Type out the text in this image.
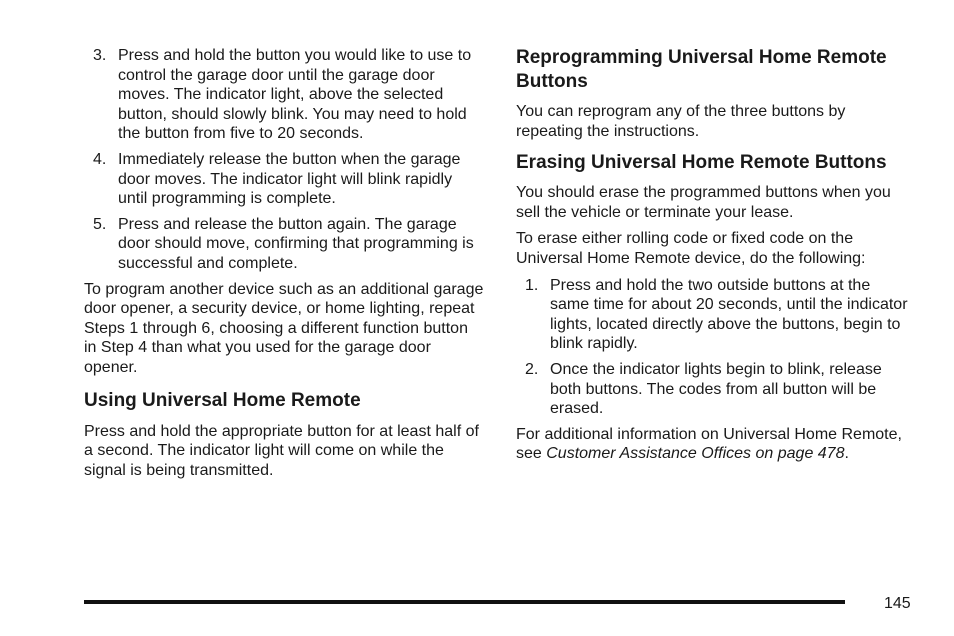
3. Press and hold the button you would like to use to control the garage door until the garage door moves. The indicator light, above the selected button, should slowly blink. You may need to hold the button from five to 20 seconds.
4. Immediately release the button when the garage door moves. The indicator light will blink rapidly until programming is complete.
5. Press and release the button again. The garage door should move, confirming that programming is successful and complete.

To program another device such as an additional garage door opener, a security device, or home lighting, repeat Steps 1 through 6, choosing a different function button in Step 4 than what you used for the garage door opener.

Using Universal Home Remote

Press and hold the appropriate button for at least half of a second. The indicator light will come on while the signal is being transmitted.

Reprogramming Universal Home Remote Buttons

You can reprogram any of the three buttons by repeating the instructions.

Erasing Universal Home Remote Buttons

You should erase the programmed buttons when you sell the vehicle or terminate your lease.

To erase either rolling code or fixed code on the Universal Home Remote device, do the following:

1. Press and hold the two outside buttons at the same time for about 20 seconds, until the indicator lights, located directly above the buttons, begin to blink rapidly.
2. Once the indicator lights begin to blink, release both buttons. The codes from all button will be erased.

For additional information on Universal Home Remote, see Customer Assistance Offices on page 478.

145
